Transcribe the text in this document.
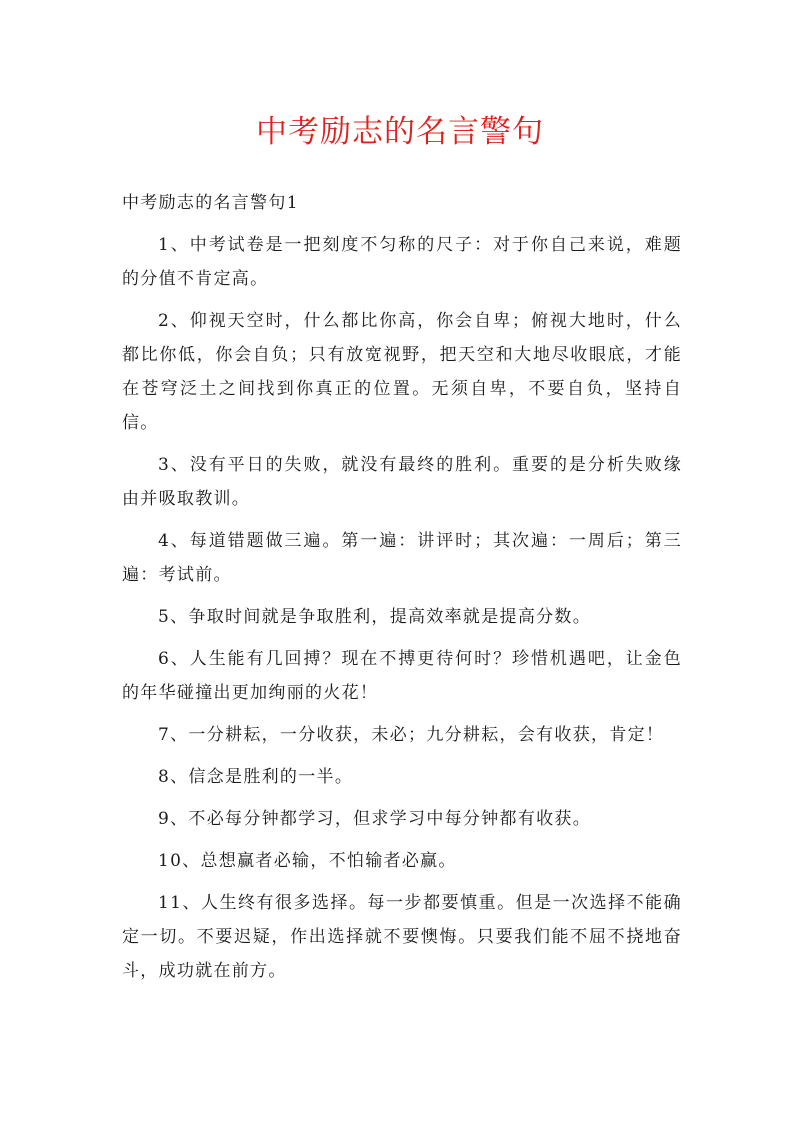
中考励志的名言警句
中考励志的名言警句1
1、中考试卷是一把刻度不匀称的尺子：对于你自己来说，难题的分值不肯定高。
2、仰视天空时，什么都比你高，你会自卑；俯视大地时，什么都比你低，你会自负；只有放宽视野，把天空和大地尽收眼底，才能在苍穹泛土之间找到你真正的位置。无须自卑，不要自负，坚持自信。
3、没有平日的失败，就没有最终的胜利。重要的是分析失败缘由并吸取教训。
4、每道错题做三遍。第一遍：讲评时；其次遍：一周后；第三遍：考试前。
5、争取时间就是争取胜利，提高效率就是提高分数。
6、人生能有几回搏？现在不搏更待何时？珍惜机遇吧，让金色的年华碰撞出更加绚丽的火花！
7、一分耕耘，一分收获，未必；九分耕耘，会有收获，肯定！
8、信念是胜利的一半。
9、不必每分钟都学习，但求学习中每分钟都有收获。
10、总想赢者必输，不怕输者必赢。
11、人生终有很多选择。每一步都要慎重。但是一次选择不能确定一切。不要迟疑，作出选择就不要懊悔。只要我们能不屈不挠地奋斗，成功就在前方。
